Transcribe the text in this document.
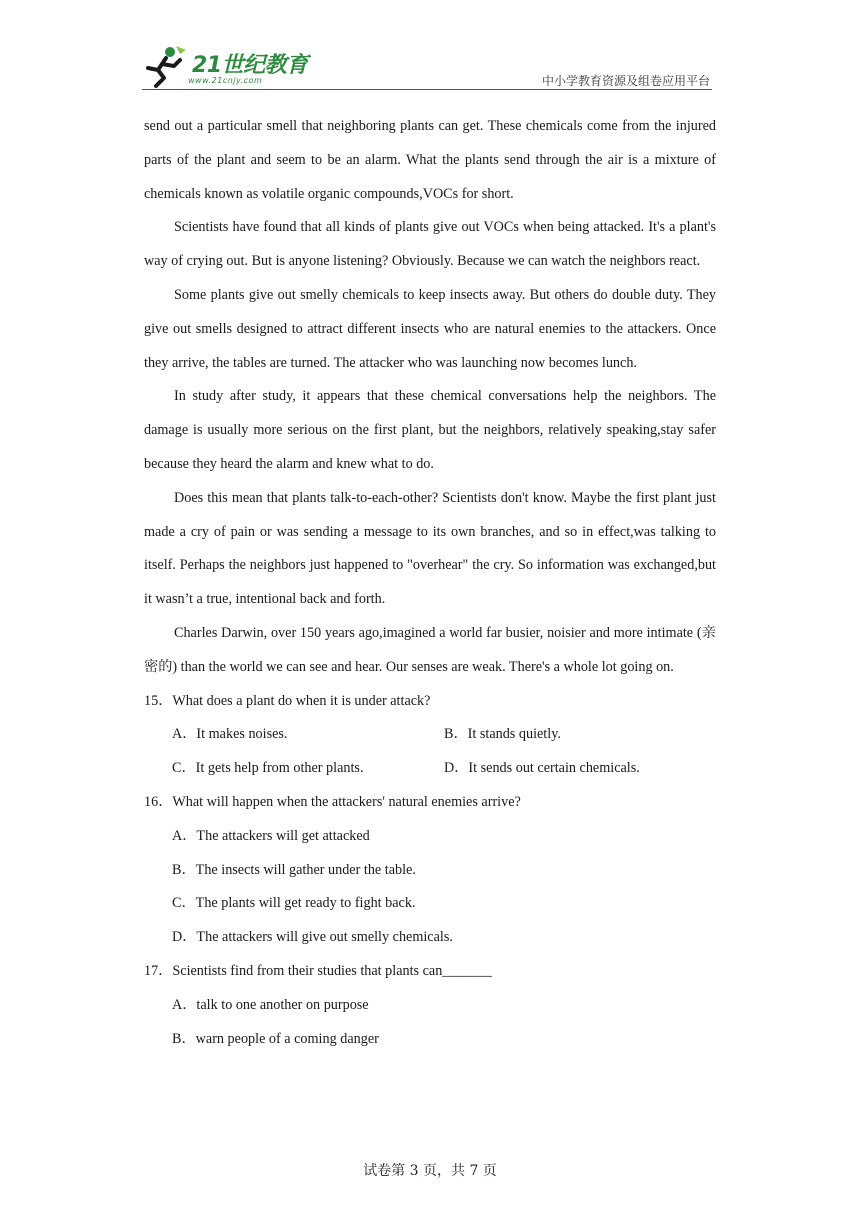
21世纪教育
www.21cnjy.com	中小学教育资源及组卷应用平台
send out a particular smell that neighboring plants can get. These chemicals come from the injured parts of the plant and seem to be an alarm. What the plants send through the air is a mixture of chemicals known as volatile organic compounds,VOCs for short.
Scientists have found that all kinds of plants give out VOCs when being attacked. It's a plant's way of crying out. But is anyone listening? Obviously. Because we can watch the neighbors react.
Some plants give out smelly chemicals to keep insects away. But others do double duty. They give out smells designed to attract different insects who are natural enemies to the attackers. Once they arrive, the tables are turned. The attacker who was launching now becomes lunch.
In study after study, it appears that these chemical conversations help the neighbors. The damage is usually more serious on the first plant, but the neighbors, relatively speaking,stay safer because they heard the alarm and knew what to do.
Does this mean that plants talk-to-each-other? Scientists don't know. Maybe the first plant just made a cry of pain or was sending a message to its own branches, and so in effect,was talking to itself. Perhaps the neighbors just happened to "overhear" the cry. So information was exchanged,but it wasn’t a true, intentional back and forth.
Charles Darwin, over 150 years ago,imagined a world far busier, noisier and more intimate (亲密的) than the world we can see and hear. Our senses are weak. There's a whole lot going on.
15．What does a plant do when it is under attack?
A．It makes noises.	B．It stands quietly.
C．It gets help from other plants.	D．It sends out certain chemicals.
16．What will happen when the attackers' natural enemies arrive?
A．The attackers will get attacked
B．The insects will gather under the table.
C．The plants will get ready to fight back.
D．The attackers will give out smelly chemicals.
17．Scientists find from their studies that plants can_______
A．talk to one another on purpose
B．warn people of a coming danger
试卷第 3 页，共 7 页
